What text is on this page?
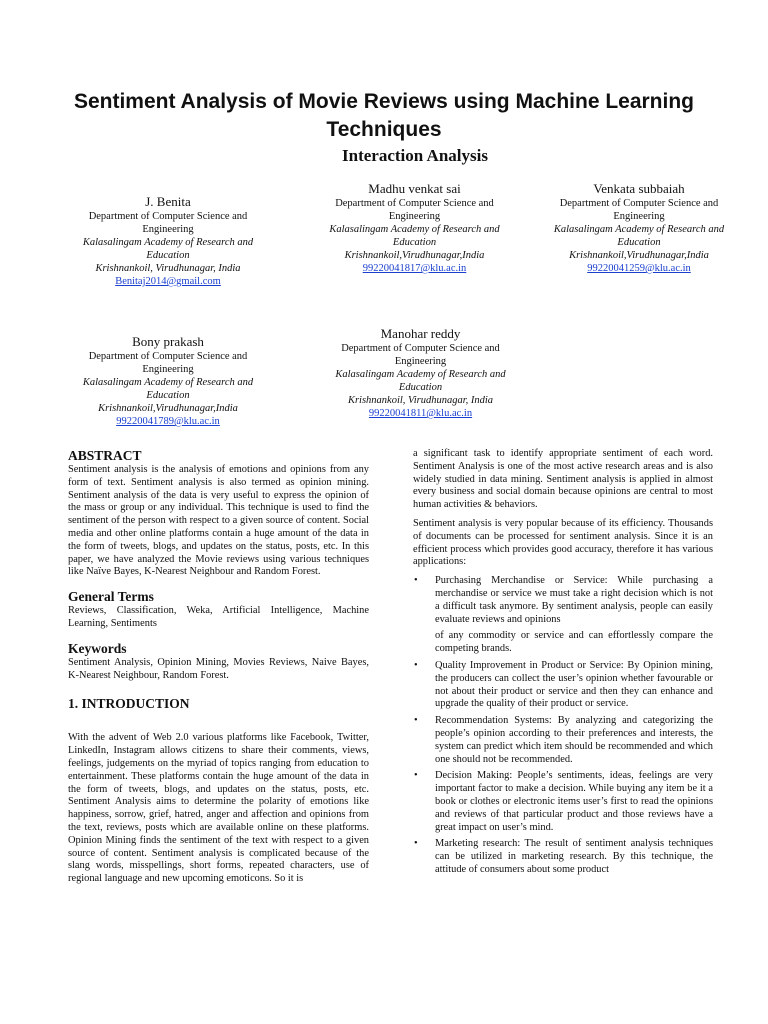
Sentiment Analysis of Movie Reviews using Machine Learning Techniques
Interaction Analysis
J. Benita
Department of Computer Science and Engineering
Kalasalingam Academy of Research and Education
Krishnankoil, Virudhunagar, India
Benitaj2014@gmail.com
Madhu venkat sai
Department of Computer Science and Engineering
Kalasalingam Academy of Research and Education
Krishnankoil,Virudhunagar,India
99220041817@klu.ac.in
Venkata subbaiah
Department of Computer Science and Engineering
Kalasalingam Academy of Research and Education
Krishnankoil,Virudhunagar,India
99220041259@klu.ac.in
Bony prakash
Department of Computer Science and Engineering
Kalasalingam Academy of Research and Education
Krishnankoil,Virudhunagar,India
99220041789@klu.ac.in
Manohar reddy
Department of Computer Science and Engineering
Kalasalingam Academy of Research and Education
Krishnankoil, Virudhunagar, India
99220041811@klu.ac.in
ABSTRACT

Sentiment analysis is the analysis of emotions and opinions from any form of text. Sentiment analysis is also termed as opinion mining. Sentiment analysis of the data is very useful to express the opinion of the mass or group or any individual. This technique is used to find the sentiment of the person with respect to a given source of content. Social media and other online platforms contain a huge amount of the data in the form of tweets, blogs, and updates on the status, posts, etc. In this paper, we have analyzed the Movie reviews using various techniques like Naïve Bayes, K-Nearest Neighbour and Random Forest.

General Terms

Reviews, Classification, Weka, Artificial Intelligence, Machine Learning, Sentiments

Keywords

Sentiment Analysis, Opinion Mining, Movies Reviews, Naive Bayes, K-Nearest Neighbour, Random Forest.

1. INTRODUCTION

With the advent of Web 2.0 various platforms like Facebook, Twitter, LinkedIn, Instagram allows citizens to share their comments, views, feelings, judgements on the myriad of topics ranging from education to entertainment. These platforms contain the huge amount of the data in the form of tweets, blogs, and updates on the status, posts, etc. Sentiment Analysis aims to determine the polarity of emotions like happiness, sorrow, grief, hatred, anger and affection and opinions from the text, reviews, posts which are available online on these platforms. Opinion Mining finds the sentiment of the text with respect to a given source of content. Sentiment analysis is complicated because of the slang words, misspellings, short forms, repeated characters, use of regional language and new upcoming emoticons. So it is

a significant task to identify appropriate sentiment of each word. Sentiment Analysis is one of the most active research areas and is also widely studied in data mining. Sentiment analysis is applied in almost every business and social domain because opinions are central to most human activities & behaviors.

Sentiment analysis is very popular because of its efficiency. Thousands of documents can be processed for sentiment analysis. Since it is an efficient process which provides good accuracy, therefore it has various applications:

• Purchasing Merchandise or Service: While purchasing a merchandise or service we must take a right decision which is not a difficult task anymore. By sentiment analysis, people can easily evaluate reviews and opinions

of any commodity or service and can effortlessly compare the competing brands.

• Quality Improvement in Product or Service: By Opinion mining, the producers can collect the user’s opinion whether favourable or not about their product or service and then they can enhance and upgrade the quality of their product or service.
• Recommendation Systems: By analyzing and categorizing the people’s opinion according to their preferences and interests, the system can predict which item should be recommended and which one should not be recommended.
• Decision Making: People’s sentiments, ideas, feelings are very important factor to make a decision. While buying any item be it a book or clothes or electronic items user’s first to read the opinions and reviews of that particular product and those reviews have a great impact on user’s mind.
• Marketing research: The result of sentiment analysis techniques can be utilized in marketing research. By this technique, the attitude of consumers about some product
